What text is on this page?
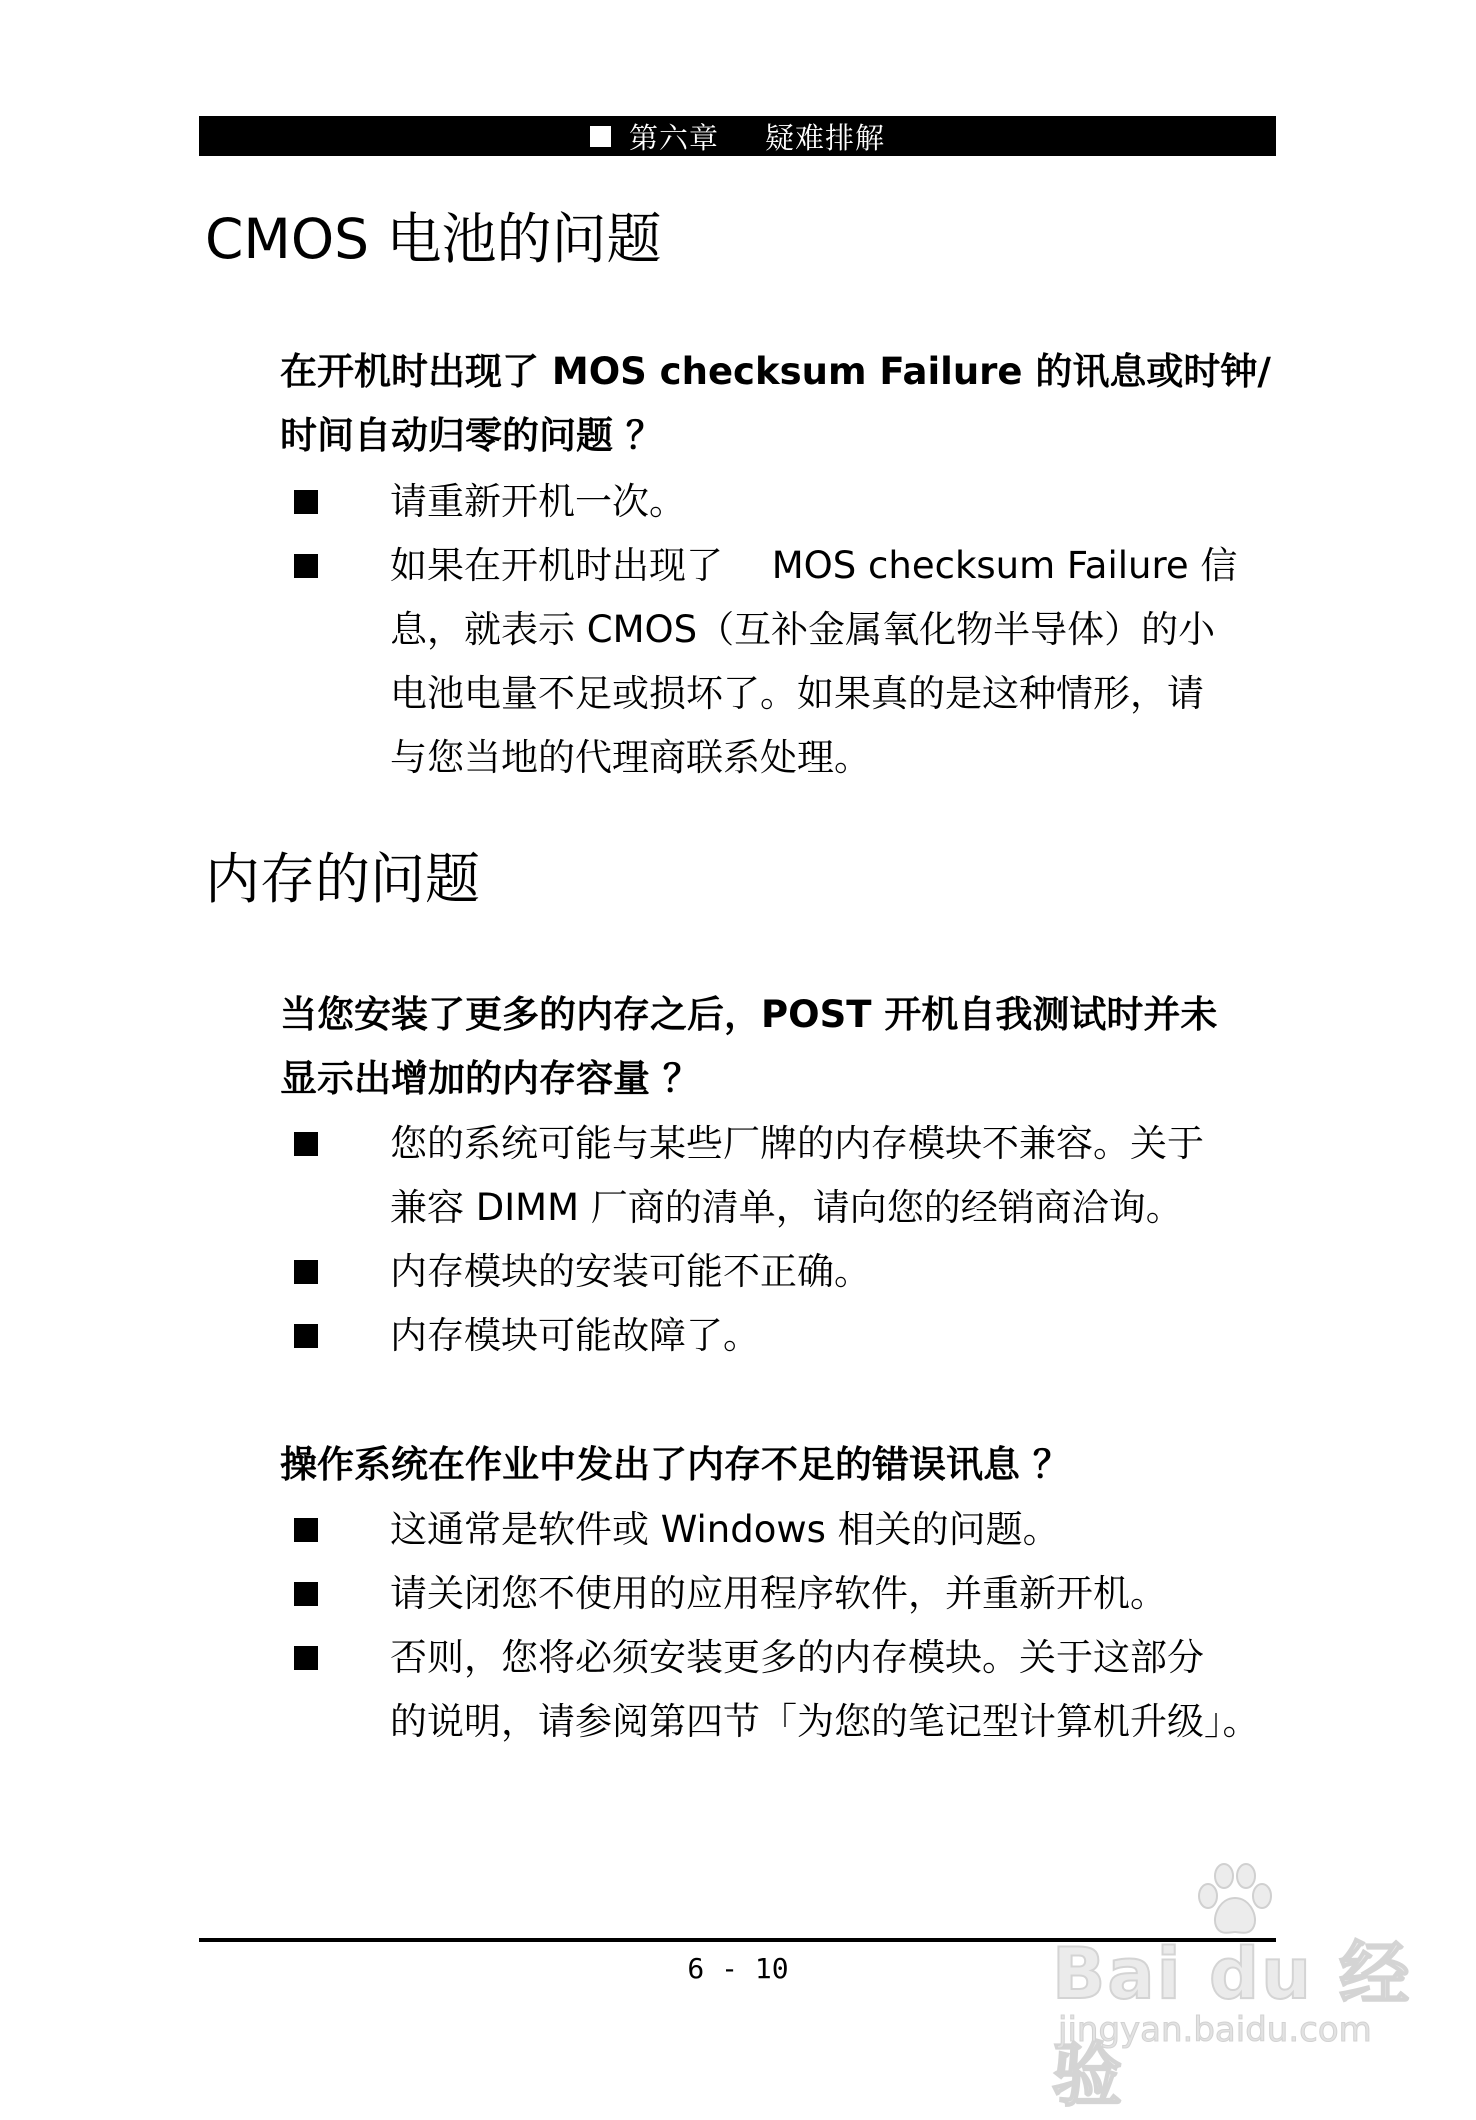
第六章 疑难排解
CMOS 电池的问题
在开机时出现了 MOS checksum Failure 的讯息或时钟/
时间自动归零的问题 ？
请重新开机一次。
如果在开机时出现了　 MOS checksum Failure 信
息，就表示 CMOS（互补金属氧化物半导体）的小
电池电量不足或损坏了。如果真的是这种情形，请
与您当地的代理商联系处理。
内存的问题
当您安装了更多的内存之后，POST 开机自我测试时并未
显示出增加的内存容量 ？
您的系统可能与某些厂牌的内存模块不兼容。关于
兼容 DIMM 厂商的清单，请向您的经销商洽询。
内存模块的安装可能不正确。
内存模块可能故障了。
操作系统在作业中发出了内存不足的错误讯息 ？
这通常是软件或 Windows 相关的问题。
请关闭您不使用的应用程序软件，并重新开机。
否则，您将必须安装更多的内存模块。关于这部分
的说明，请参阅第四节「为您的笔记型计算机升级」。
6 - 10	Bai du 经验
jingyan.baidu.com
